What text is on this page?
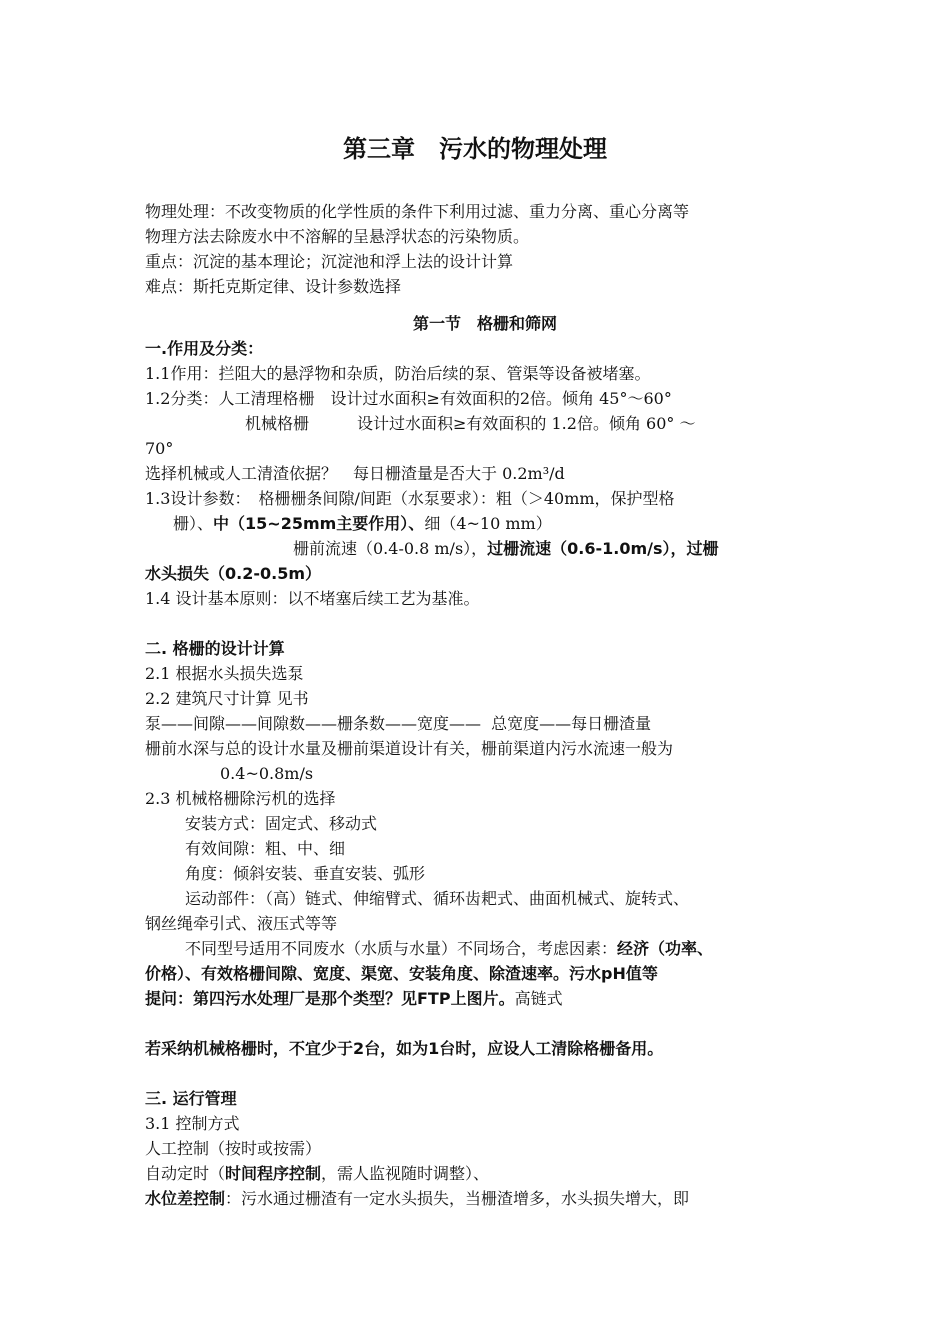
第三章　污水的物理处理
物理处理：不改变物质的化学性质的条件下利用过滤、重力分离、重心分离等
物理方法去除废水中不溶解的呈悬浮状态的污染物质。
重点：沉淀的基本理论；沉淀池和浮上法的设计计算
难点：斯托克斯定律、设计参数选择
第一节　格栅和筛网
一.作用及分类：
1.1作用：拦阻大的悬浮物和杂质，防治后续的泵、管渠等设备被堵塞。
1.2分类：人工清理格栅　设计过水面积≥有效面积的2倍。倾角 45°～60°
机械格栅　　　设计过水面积≥有效面积的 1.2倍。倾角 60° ～
70°
选择机械或人工清渣依据？　每日栅渣量是否大于 0.2m³/d
1.3设计参数：　格栅栅条间隙/间距（水泵要求）：粗（＞40mm，保护型格
栅）、中（15~25mm主要作用）、细（4~10 mm）
栅前流速（0.4-0.8 m/s），过栅流速（0.6-1.0m/s），过栅
水头损失（0.2-0.5m）
1.4 设计基本原则：以不堵塞后续工艺为基准。
二. 格栅的设计计算
2.1 根据水头损失选泵
2.2 建筑尺寸计算 见书
泵——间隙——间隙数——栅条数——宽度——  总宽度——每日栅渣量
栅前水深与总的设计水量及栅前渠道设计有关，栅前渠道内污水流速一般为
0.4~0.8m/s
2.3 机械格栅除污机的选择
安装方式：固定式、移动式
有效间隙：粗、中、细
角度：倾斜安装、垂直安装、弧形
运动部件：（高）链式、伸缩臂式、循环齿耙式、曲面机械式、旋转式、
钢丝绳牵引式、液压式等等
不同型号适用不同废水（水质与水量）不同场合，考虑因素：经济（功率、
价格）、有效格栅间隙、宽度、渠宽、安装角度、除渣速率。污水pH值等
提问：第四污水处理厂是那个类型？见FTP上图片。高链式
若采纳机械格栅时，不宜少于2台，如为1台时，应设人工清除格栅备用。
三. 运行管理
3.1 控制方式
人工控制（按时或按需）
自动定时（时间程序控制，需人监视随时调整）、
水位差控制：污水通过栅渣有一定水头损失，当栅渣增多，水头损失增大，即
